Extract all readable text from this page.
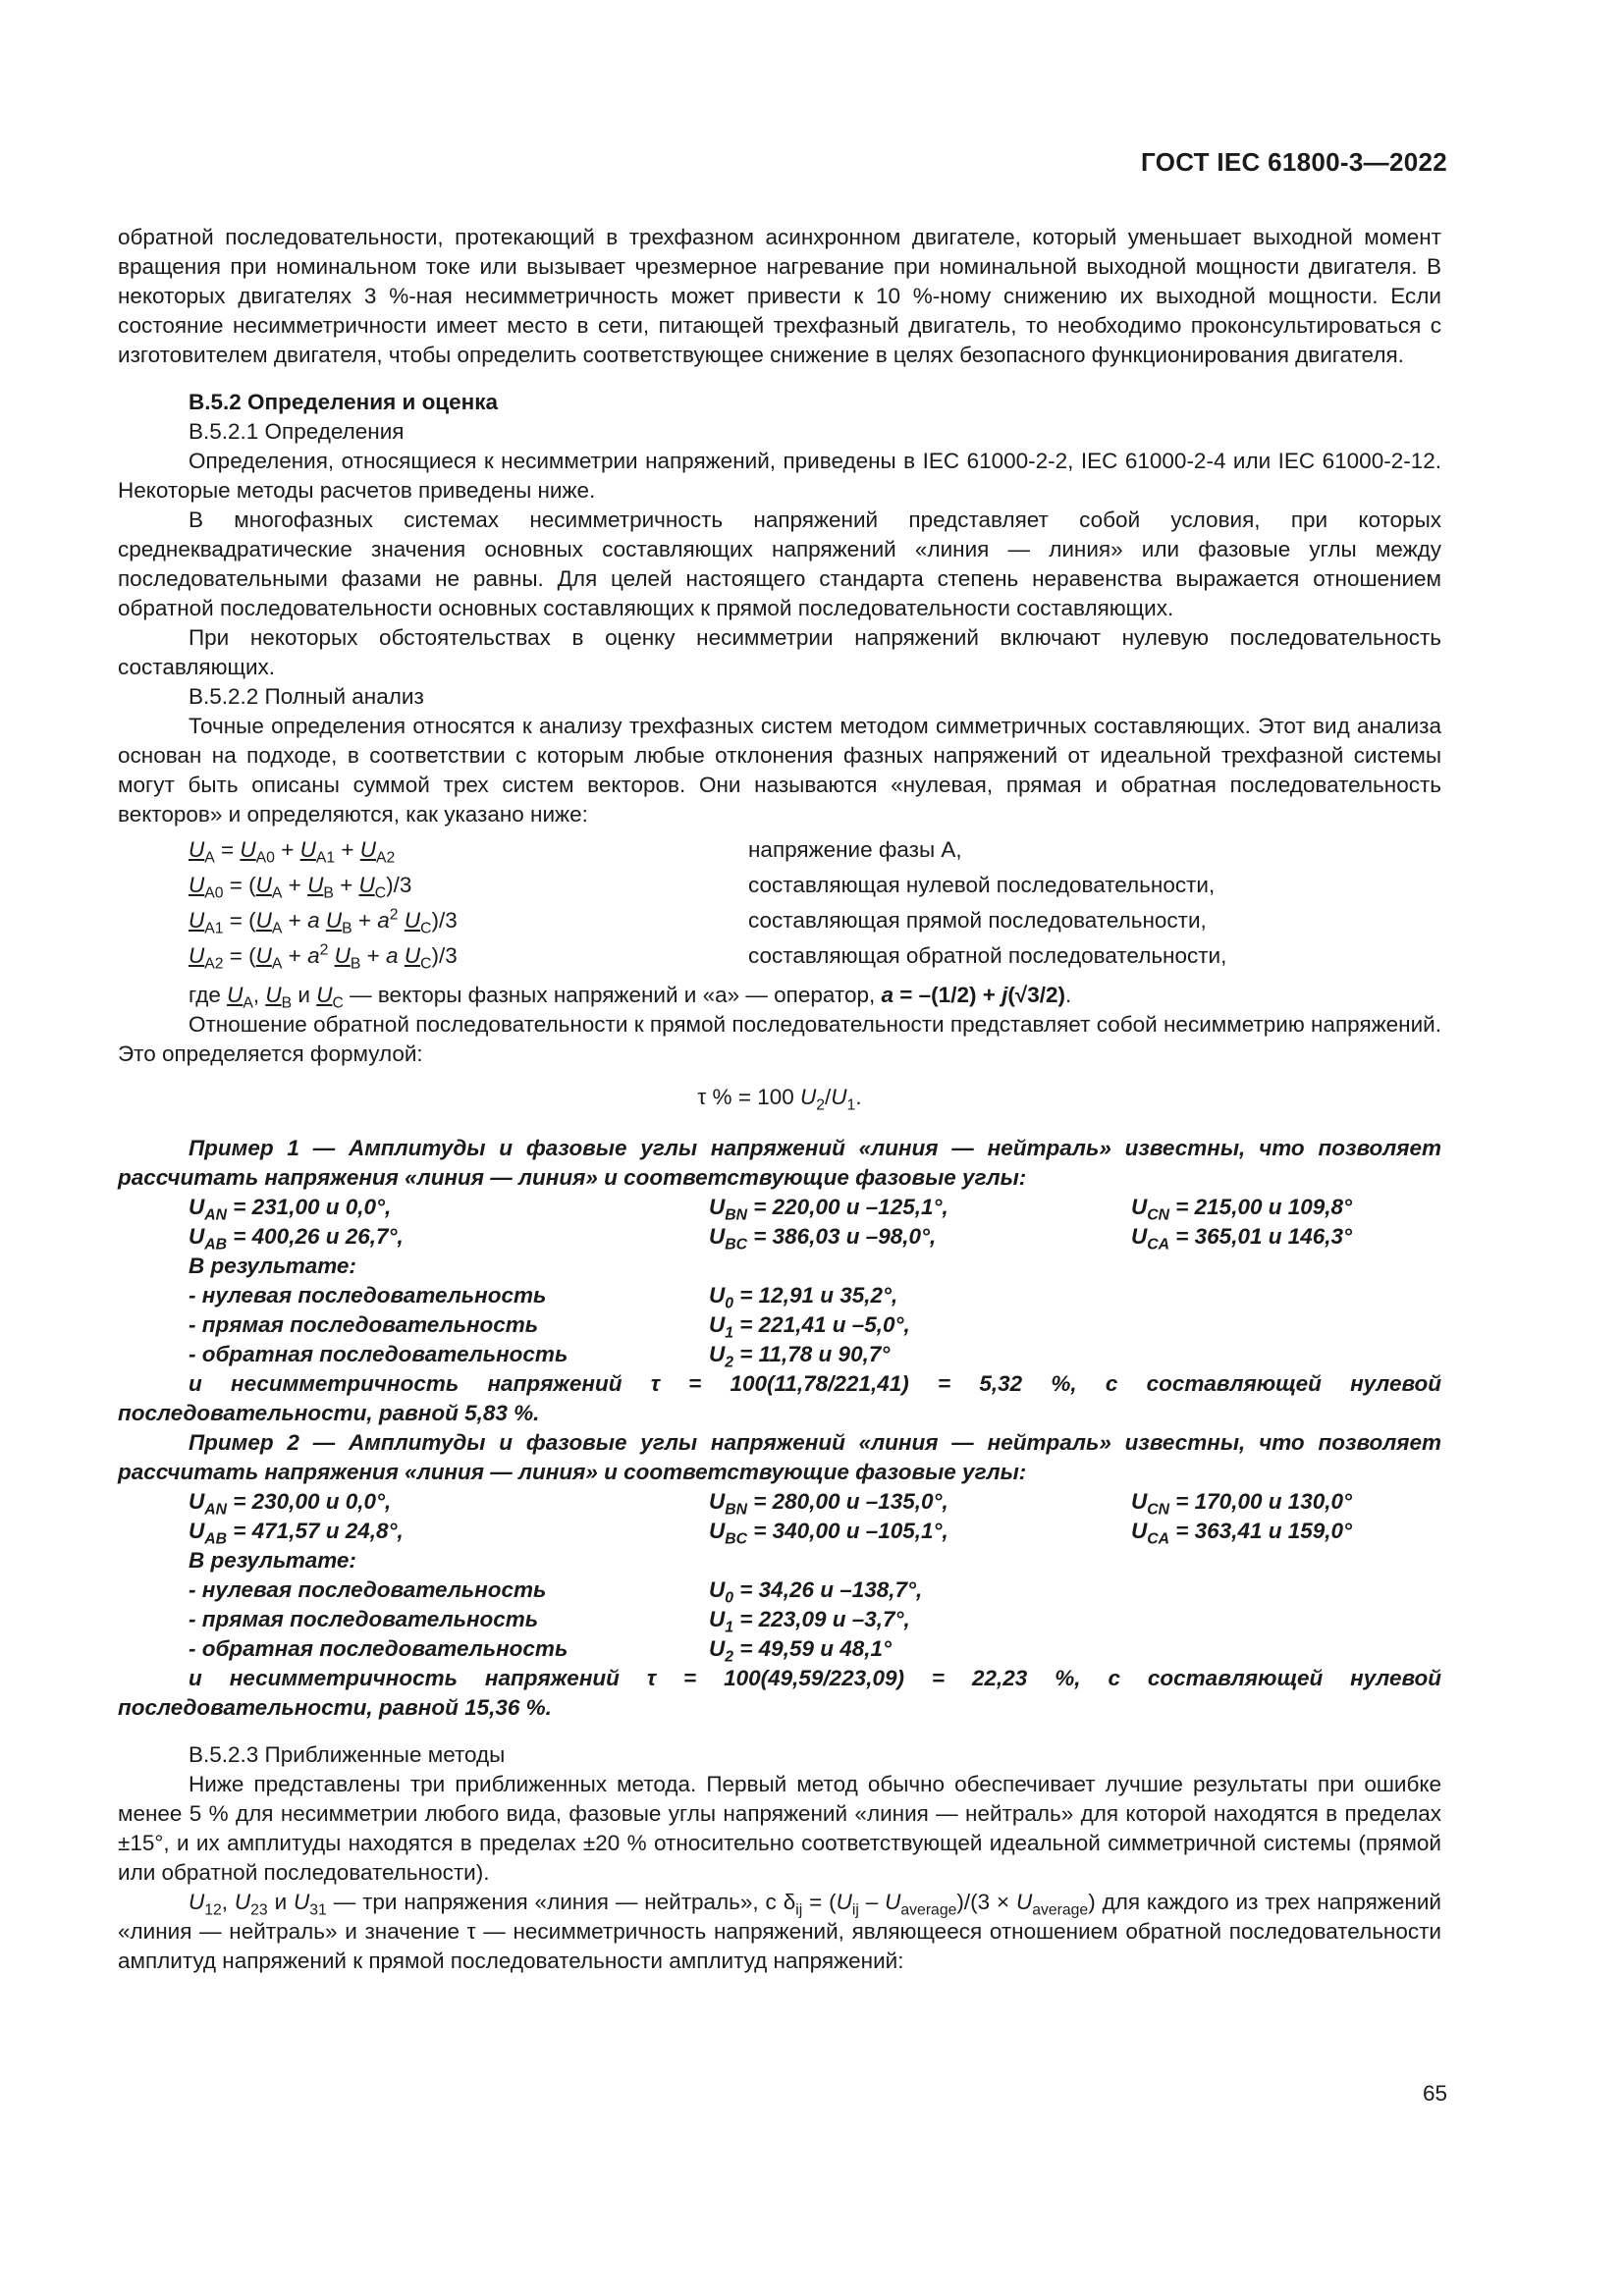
ГОСТ IEC 61800-3—2022

обратной последовательности, протекающий в трехфазном асинхронном двигателе, который уменьшает выходной момент вращения при номинальном токе или вызывает чрезмерное нагревание при номинальной выходной мощности двигателя. В некоторых двигателях 3 %-ная несимметричность может привести к 10 %-ному снижению их выходной мощности. Если состояние несимметричности имеет место в сети, питающей трехфазный двигатель, то необходимо проконсультироваться с изготовителем двигателя, чтобы определить соответствующее снижение в целях безопасного функционирования двигателя.

В.5.2 Определения и оценка

В.5.2.1 Определения

Определения, относящиеся к несимметрии напряжений, приведены в IEC 61000-2-2, IEC 61000-2-4 или IEC 61000-2-12. Некоторые методы расчетов приведены ниже.

В многофазных системах несимметричность напряжений представляет собой условия, при которых среднеквадратические значения основных составляющих напряжений «линия — линия» или фазовые углы между последовательными фазами не равны. Для целей настоящего стандарта степень неравенства выражается отношением обратной последовательности основных составляющих к прямой последовательности составляющих.

При некоторых обстоятельствах в оценку несимметрии напряжений включают нулевую последовательность составляющих.

В.5.2.2 Полный анализ

Точные определения относятся к анализу трехфазных систем методом симметричных составляющих. Этот вид анализа основан на подходе, в соответствии с которым любые отклонения фазных напряжений от идеальной трехфазной системы могут быть описаны суммой трех систем векторов. Они называются «нулевая, прямая и обратная последовательность векторов» и определяются, как указано ниже:

$U_A = U_{A0} + U_{A1} + U_{A2}$	напряжение фазы А,
$U_{A0} = (U_A + U_B + U_C)/3$	составляющая нулевой последовательности,
$U_{A1} = (U_A + a$ $U_B + a^2$ $U_C)/3$	составляющая прямой последовательности,
$U_{A2} = (U_A + a^2$ $U_B + a$ $U_C)/3$	составляющая обратной последовательности,

где $U_A$, $U_B$ и $U_C$ — векторы фазных напряжений и «a» — оператор, a = –(1/2) + j(√3/2).

Отношение обратной последовательности к прямой последовательности представляет собой несимметрию напряжений. Это определяется формулой:

τ % = 100 $U_2/U_1$.

Пример 1 — Амплитуды и фазовые углы напряжений «линия — нейтраль» известны, что позволяет рассчитать напряжения «линия — линия» и соответствующие фазовые углы:

$U_{AN} = 231,00$ и 0,0°,	$U_{BN} = 220,00$ и –125,1°,	$U_{CN} = 215,00$ и 109,8°
$U_{AB} = 400,26$ и 26,7°,	$U_{BC} = 386,03$ и –98,0°,	$U_{CA} = 365,01$ и 146,3°

В результате:

- нулевая последовательность	$U_0 = 12,91$ и 35,2°,
- прямая последовательность	$U_1 = 221,41$ и –5,0°,
- обратная последовательность	$U_2 = 11,78$ и 90,7°

и несимметричность напряжений τ = 100(11,78/221,41) = 5,32 %, с составляющей нулевой последовательности, равной 5,83 %.

Пример 2 — Амплитуды и фазовые углы напряжений «линия — нейтраль» известны, что позволяет рассчитать напряжения «линия — линия» и соответствующие фазовые углы:

$U_{AN} = 230,00$ и 0,0°,	$U_{BN} = 280,00$ и –135,0°,	$U_{CN} = 170,00$ и 130,0°
$U_{AB} = 471,57$ и 24,8°,	$U_{BC} = 340,00$ и –105,1°,	$U_{CA} = 363,41$ и 159,0°

В результате:

- нулевая последовательность	$U_0 = 34,26$ и –138,7°,
- прямая последовательность	$U_1 = 223,09$ и –3,7°,
- обратная последовательность	$U_2 = 49,59$ и 48,1°

и несимметричность напряжений τ = 100(49,59/223,09) = 22,23 %, с составляющей нулевой последовательности, равной 15,36 %.

В.5.2.3 Приближенные методы

Ниже представлены три приближенных метода. Первый метод обычно обеспечивает лучшие результаты при ошибке менее 5 % для несимметрии любого вида, фазовые углы напряжений «линия — нейтраль» для которой находятся в пределах ±15°, и их амплитуды находятся в пределах ±20 % относительно соответствующей идеальной симметричной системы (прямой или обратной последовательности).

$U_{12}$, $U_{23}$ и $U_{31}$ — три напряжения «линия — нейтраль», с $\delta_{ij} = (U_{ij} - U_{average})/(3 \times U_{average})$ для каждого из трех напряжений «линия — нейтраль» и значение τ — несимметричность напряжений, являющееся отношением обратной последовательности амплитуд напряжений к прямой последовательности амплитуд напряжений:

65
